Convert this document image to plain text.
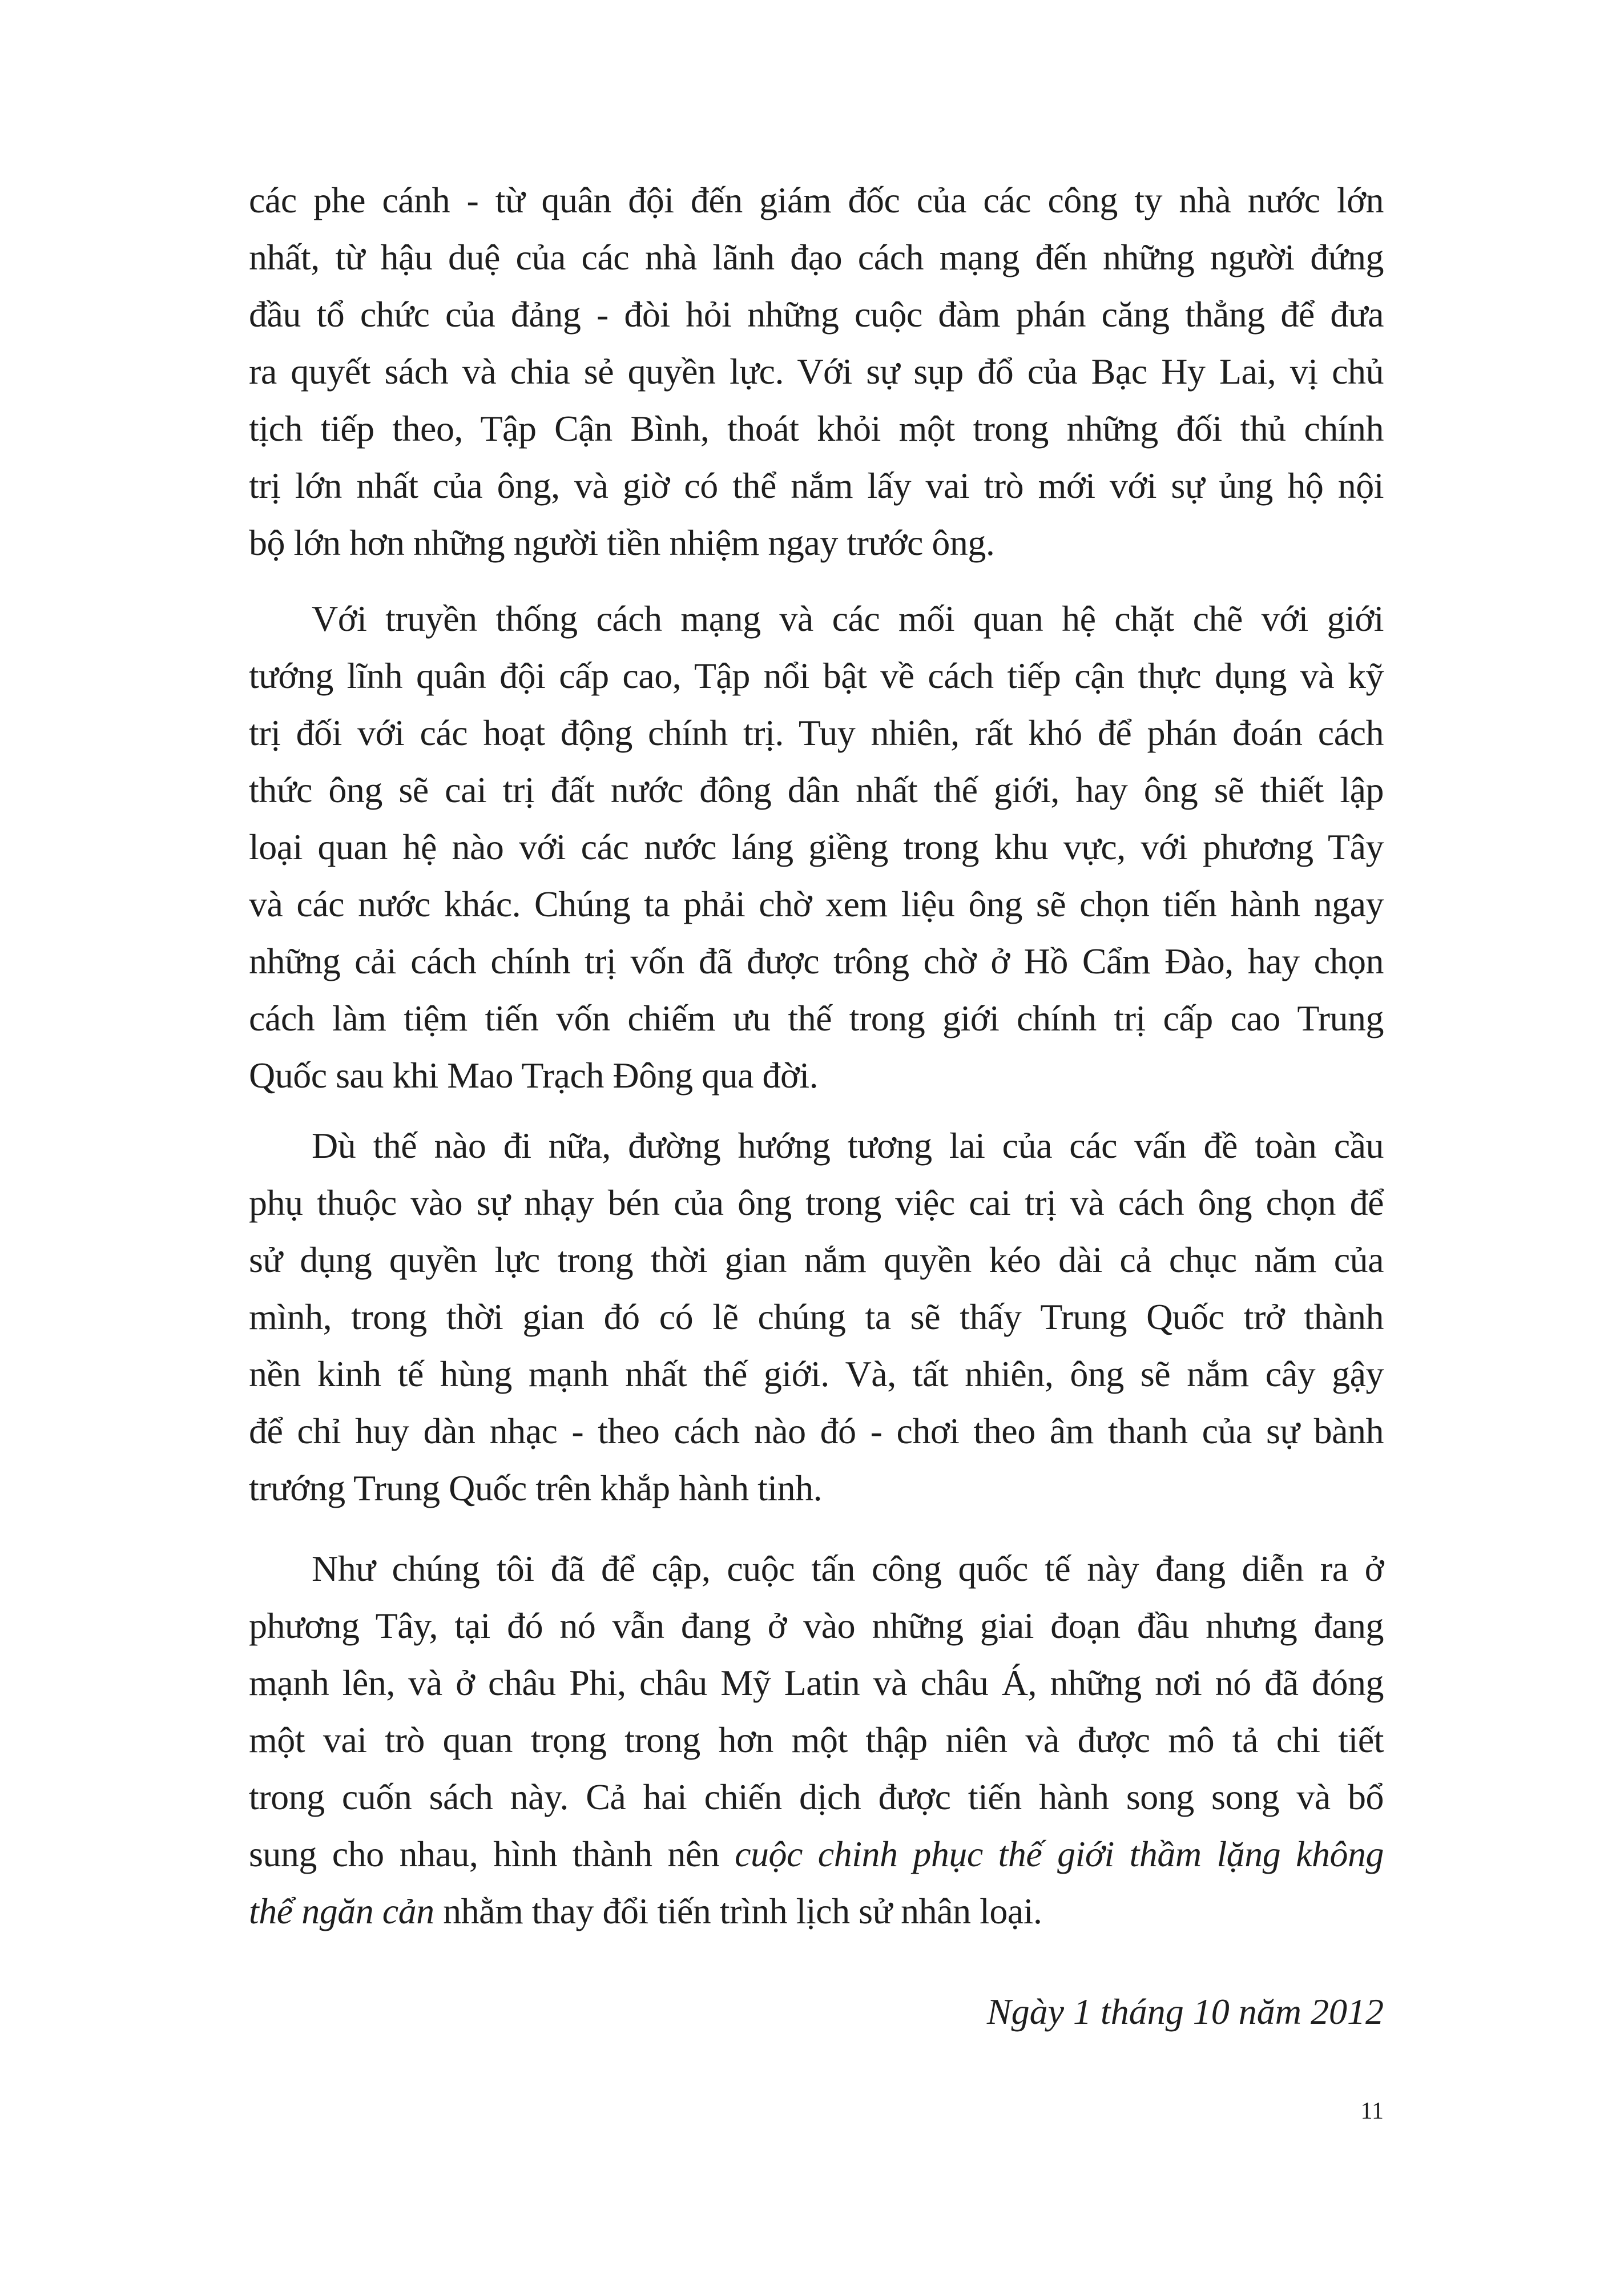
các phe cánh - từ quân đội đến giám đốc của các công ty nhà nước lớn
nhất, từ hậu duệ của các nhà lãnh đạo cách mạng đến những người đứng
đầu tổ chức của đảng - đòi hỏi những cuộc đàm phán căng thẳng để đưa
ra quyết sách và chia sẻ quyền lực. Với sự sụp đổ của Bạc Hy Lai, vị chủ
tịch tiếp theo, Tập Cận Bình, thoát khỏi một trong những đối thủ chính
trị lớn nhất của ông, và giờ có thể nắm lấy vai trò mới với sự ủng hộ nội
bộ lớn hơn những người tiền nhiệm ngay trước ông.
Với truyền thống cách mạng và các mối quan hệ chặt chẽ với giới
tướng lĩnh quân đội cấp cao, Tập nổi bật về cách tiếp cận thực dụng và kỹ
trị đối với các hoạt động chính trị. Tuy nhiên, rất khó để phán đoán cách
thức ông sẽ cai trị đất nước đông dân nhất thế giới, hay ông sẽ thiết lập
loại quan hệ nào với các nước láng giềng trong khu vực, với phương Tây
và các nước khác. Chúng ta phải chờ xem liệu ông sẽ chọn tiến hành ngay
những cải cách chính trị vốn đã được trông chờ ở Hồ Cẩm Đào, hay chọn
cách làm tiệm tiến vốn chiếm ưu thế trong giới chính trị cấp cao Trung
Quốc sau khi Mao Trạch Đông qua đời.
Dù thế nào đi nữa, đường hướng tương lai của các vấn đề toàn cầu
phụ thuộc vào sự nhạy bén của ông trong việc cai trị và cách ông chọn để
sử dụng quyền lực trong thời gian nắm quyền kéo dài cả chục năm của
mình, trong thời gian đó có lẽ chúng ta sẽ thấy Trung Quốc trở thành
nền kinh tế hùng mạnh nhất thế giới. Và, tất nhiên, ông sẽ nắm cây gậy
để chỉ huy dàn nhạc - theo cách nào đó - chơi theo âm thanh của sự bành
trướng Trung Quốc trên khắp hành tinh.
Như chúng tôi đã để cập, cuộc tấn công quốc tế này đang diễn ra ở
phương Tây, tại đó nó vẫn đang ở vào những giai đoạn đầu nhưng đang
mạnh lên, và ở châu Phi, châu Mỹ Latin và châu Á, những nơi nó đã đóng
một vai trò quan trọng trong hơn một thập niên và được mô tả chi tiết
trong cuốn sách này. Cả hai chiến dịch được tiến hành song song và bổ
sung cho nhau, hình thành nên cuộc chinh phục thế giới thầm lặng không
thể ngăn cản nhằm thay đổi tiến trình lịch sử nhân loại.
Ngày 1 tháng 10 năm 2012
11
